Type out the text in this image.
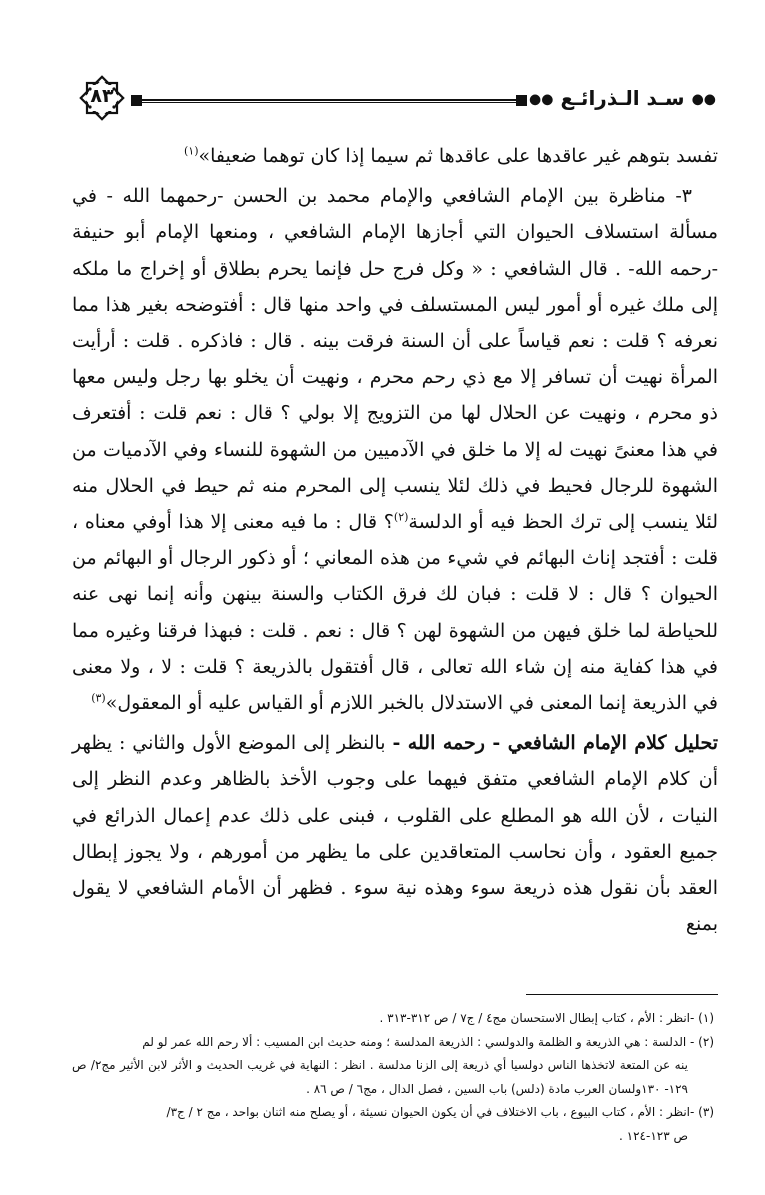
٨٣	●● سـد الـذرائـع ●●

تفسد بتوهم غير عاقدها على عاقدها ثم سيما إذا كان توهما ضعيفا»$^{(١)}$

٣- مناظرة بين الإمام الشافعي والإمام محمد بن الحسن -رحمهما الله - في مسألة استسلاف الحيوان التي أجازها الإمام الشافعي ، ومنعها الإمام أبو حنيفة -رحمه الله- . قال الشافعي : « وكل فرج حل فإنما يحرم بطلاق أو إخراج ما ملكه إلى ملك غيره أو أمور ليس المستسلف في واحد منها قال : أفتوضحه بغير هذا مما نعرفه ؟ قلت : نعم قياساً على أن السنة فرقت بينه . قال : فاذكره . قلت : أرأيت المرأة نهيت أن تسافر إلا مع ذي رحم محرم ، ونهيت أن يخلو بها رجل وليس معها ذو محرم ، ونهيت عن الحلال لها من التزويج إلا بولي ؟ قال : نعم قلت : أفتعرف في هذا معنىً نهيت له إلا ما خلق في الآدميين من الشهوة للنساء وفي الآدميات من الشهوة للرجال فحيط في ذلك لئلا ينسب إلى المحرم منه ثم حيط في الحلال منه لئلا ينسب إلى ترك الحظ فيه أو الدلسة$^{(٢)}$؟ قال : ما فيه معنى إلا هذا أوفي معناه ، قلت : أفتجد إناث البهائم في شيء من هذه المعاني ؛ أو ذكور الرجال أو البهائم من الحيوان ؟ قال : لا قلت : فبان لك فرق الكتاب والسنة بينهن وأنه إنما نهى عنه للحياطة لما خلق فيهن من الشهوة لهن ؟ قال : نعم . قلت : فبهذا فرقنا وغيره مما في هذا كفاية منه إن شاء الله تعالى ، قال أفتقول بالذريعة ؟ قلت : لا ، ولا معنى في الذريعة إنما المعنى في الاستدلال بالخبر اللازم أو القياس عليه أو المعقول»$^{(٣)}$

تحليل كلام الإمام الشافعي - رحمه الله - بالنظر إلى الموضع الأول والثاني : يظهر أن كلام الإمام الشافعي متفق فيهما على وجوب الأخذ بالظاهر وعدم النظر إلى النيات ، لأن الله هو المطلع على القلوب ، فبنى على ذلك عدم إعمال الذرائع في جميع العقود ، وأن نحاسب المتعاقدين على ما يظهر من أمورهم ، ولا يجوز إبطال العقد بأن نقول هذه ذريعة سوء وهذه نية سوء . فظهر أن الأمام الشافعي لا يقول بمنع

(١) -انظر : الأم ، كتاب إبطال الاستحسان مج٤ / ج٧ / ص ٣١٢-٣١٣ .

(٢) - الدلسة : هي الذريعة و الظلمة والدولسي : الذريعة المدلسة ؛ ومنه حديث ابن المسيب : ألا رحم الله عمر لو لم
ينه عن المتعة لاتخذها الناس دولسيا أي ذريعة إلى الزنا مدلسة . انظر : النهاية في غريب الحديث و الأثر لابن الأثير مج٢/ ص ١٢٩- ١٣٠ولسان العرب مادة (دلس) باب السين ، فصل الدال ، مج٦ / ص ٨٦ .

(٣) -انظر : الأم ، كتاب البيوع ، باب الاختلاف في أن يكون الحيوان نسيئة ، أو يصلح منه اثنان بواحد ، مج ٢ / ج٣/
ص ١٢٣-١٢٤ .
